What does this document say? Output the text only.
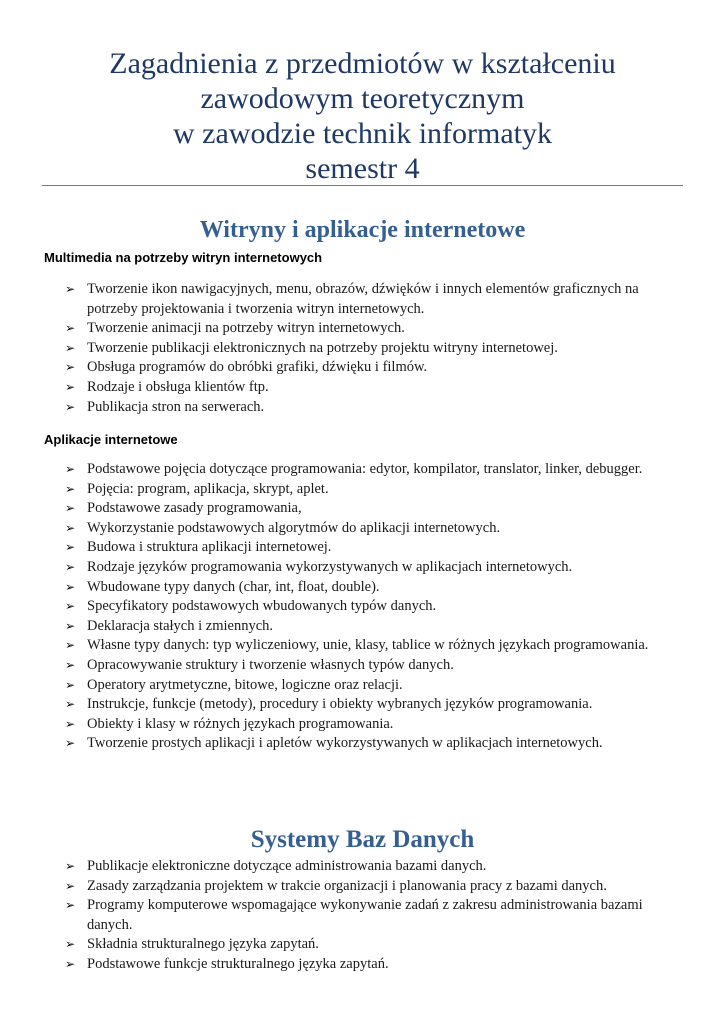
Zagadnienia z przedmiotów w kształceniu
zawodowym teoretycznym
w zawodzie technik informatyk
semestr 4
Witryny i aplikacje internetowe
Multimedia na potrzeby witryn internetowych
➢ Tworzenie ikon nawigacyjnych, menu, obrazów, dźwięków i innych elementów graficznych na potrzeby projektowania i tworzenia witryn internetowych.
➢ Tworzenie animacji na potrzeby witryn internetowych.
➢ Tworzenie publikacji elektronicznych na potrzeby projektu witryny internetowej.
➢ Obsługa programów do obróbki grafiki, dźwięku i filmów.
➢ Rodzaje i obsługa klientów ftp.
➢ Publikacja stron na serwerach.
Aplikacje internetowe
➢ Podstawowe pojęcia dotyczące programowania: edytor, kompilator, translator, linker, debugger.
➢ Pojęcia: program, aplikacja, skrypt, aplet.
➢ Podstawowe zasady programowania,
➢ Wykorzystanie podstawowych algorytmów do aplikacji internetowych.
➢ Budowa i struktura aplikacji internetowej.
➢ Rodzaje języków programowania wykorzystywanych w aplikacjach internetowych.
➢ Wbudowane typy danych (char, int, float, double).
➢ Specyfikatory podstawowych wbudowanych typów danych.
➢ Deklaracja stałych i zmiennych.
➢ Własne typy danych: typ wyliczeniowy, unie, klasy, tablice w różnych językach programowania.
➢ Opracowywanie struktury i tworzenie własnych typów danych.
➢ Operatory arytmetyczne, bitowe, logiczne oraz relacji.
➢ Instrukcje, funkcje (metody), procedury i obiekty wybranych języków programowania.
➢ Obiekty i klasy w różnych językach programowania.
➢ Tworzenie prostych aplikacji i apletów wykorzystywanych w aplikacjach internetowych.
Systemy Baz Danych
➢ Publikacje elektroniczne dotyczące administrowania bazami danych.
➢ Zasady zarządzania projektem w trakcie organizacji i planowania pracy z bazami danych.
➢ Programy komputerowe wspomagające wykonywanie zadań z zakresu administrowania bazami danych.
➢ Składnia strukturalnego języka zapytań.
➢ Podstawowe funkcje strukturalnego języka zapytań.
